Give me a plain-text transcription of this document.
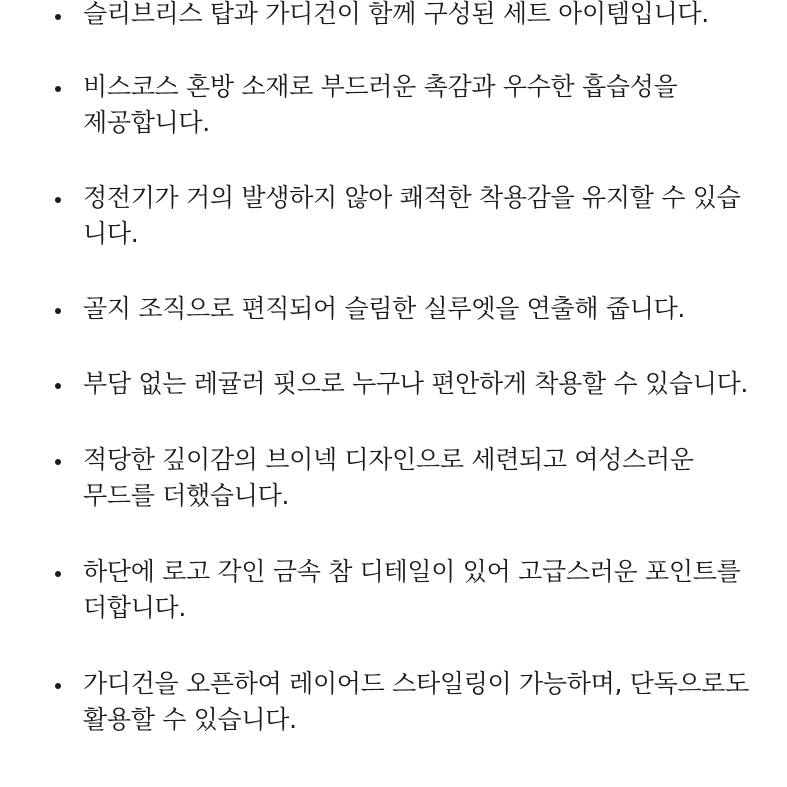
슬리브리스 탑과 가디건이 함께 구성된 세트 아이템입니다.
비스코스 혼방 소재로 부드러운 촉감과 우수한 흡습성을
제공합니다.
정전기가 거의 발생하지 않아 쾌적한 착용감을 유지할 수 있습
니다.
골지 조직으로 편직되어 슬림한 실루엣을 연출해 줍니다.
부담 없는 레귤러 핏으로 누구나 편안하게 착용할 수 있습니다.
적당한 깊이감의 브이넥 디자인으로 세련되고 여성스러운
무드를 더했습니다.
하단에 로고 각인 금속 참 디테일이 있어 고급스러운 포인트를
더합니다.
가디건을 오픈하여 레이어드 스타일링이 가능하며, 단독으로도
활용할 수 있습니다.
